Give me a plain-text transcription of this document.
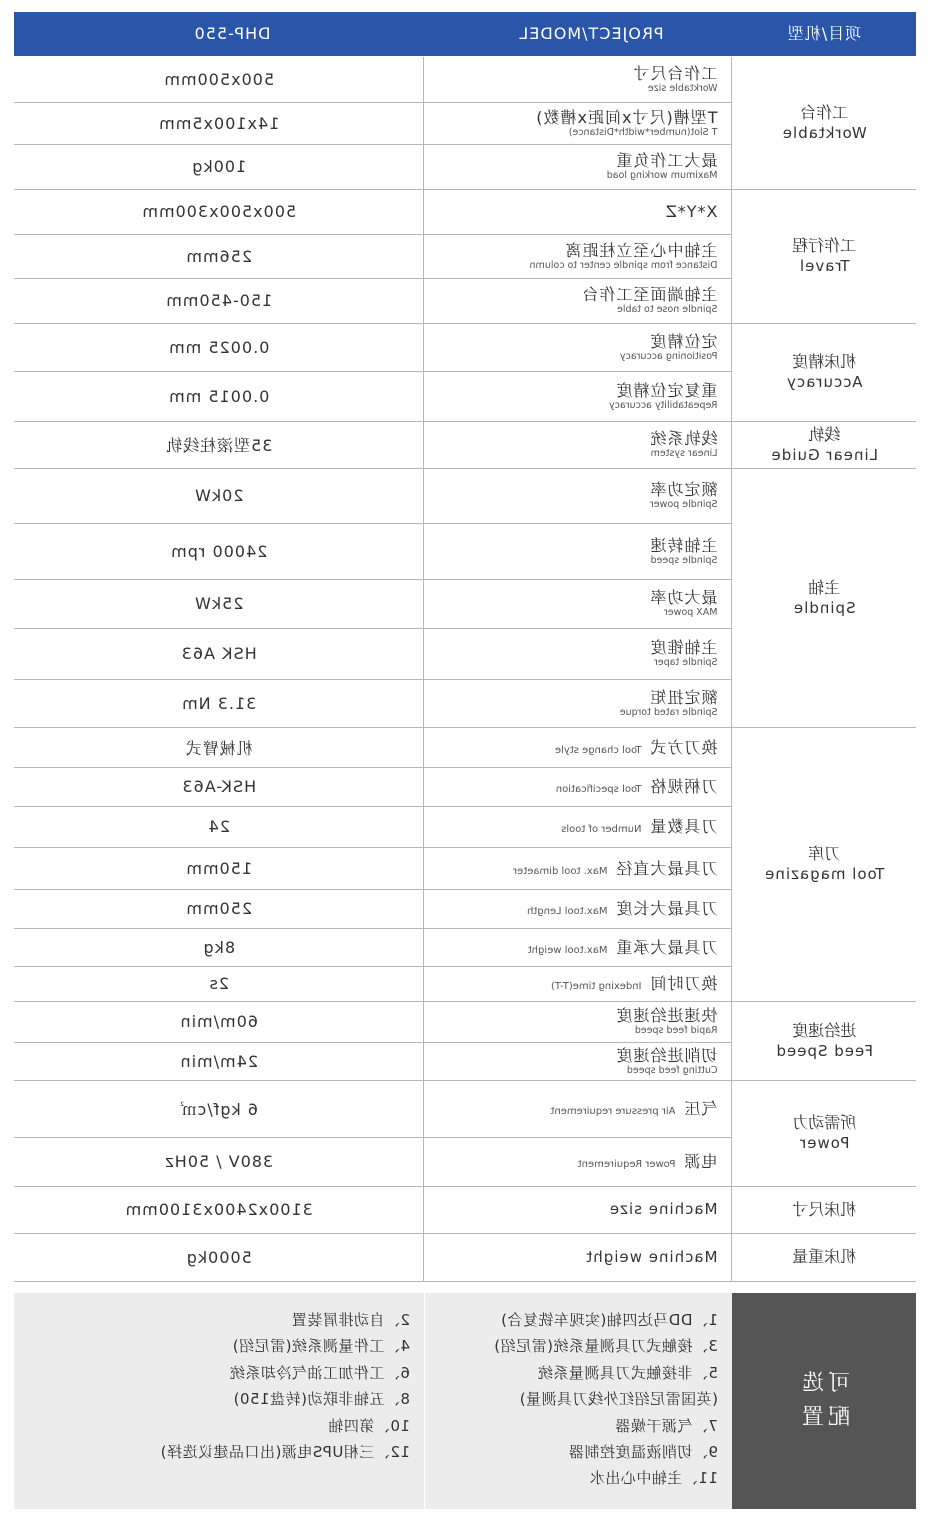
项目/机型
PROJECT/MODEL
DHP-550
工作台
Worktable	工作台尺寸
Worktable size	500x500mm

	T型槽(尺寸x间距x槽数)
T Slot(number*width*Distance)	14x100x5mm

	最大工作负重
Maximum working load	100kg
工作行程
Travel	X*Y*Z	500x500x300mm

	主轴中心至立柱距离
Distance from spindle center to column	256mm

	主轴端面至工作台
Spindle nose to table	150-450mm
机床精度
Accuracy	定位精度
Positioning accuracy	0.0025 mm

	重复定位精度
Repeatability accuracy	0.0015 mm
线轨
Linear Guide	线轨系统
Linear system	35型滚柱线轨
主轴
Spindle	额定功率
Spindle power	20kW

	主轴转速
Spindle speed	24000 rpm

	最大功率
MAX power	25kW

	主轴锥度
Spindle taper	HSK A63

	额定扭矩
Spindle rated torque	31.3 Nm
刀库
Tool magazine	换刀方式Tool change style	机械臂式
	刀柄规格Tool specification	HSK-A63
	刀具数量Number of tools	24
	刀具最大直径Max. tool dimaeter	150mm
	刀具最大长度Max.tool Length	250mm
	刀具最大承重Max.tool weight	8kg
	换刀时间Indexing time(T-T)	2s
进给速度
Feed Speed	快速进给速度
Rapid feed speed	60m/min

	切削进给速度
Cutting feed speed	24m/min
所需动力
Power	气压Air pressure requirement	6 kgf/c㎡
	电源Power Requirement	380V / 50Hz
机床尺寸	Machine size	3100x2400x3100mm
机床重量	Machine weight	5000kg
可选
配置
1、DD马达四轴(实现车铣复合)
3、接触式刀具测量系统(雷尼绍)
5、非接触式刀具测量系统
(英国雷尼绍红外线刀具测量)
7、气源干燥器
9、切削液温度控制器
11、主轴中心出水
2、自动排屑装置
4、工件量测系统(雷尼绍)
6、工件加工油气冷却系统
8、五轴非联动(转盘150)
10、第四轴
12、三相UPS电源(出口品建议选择)
